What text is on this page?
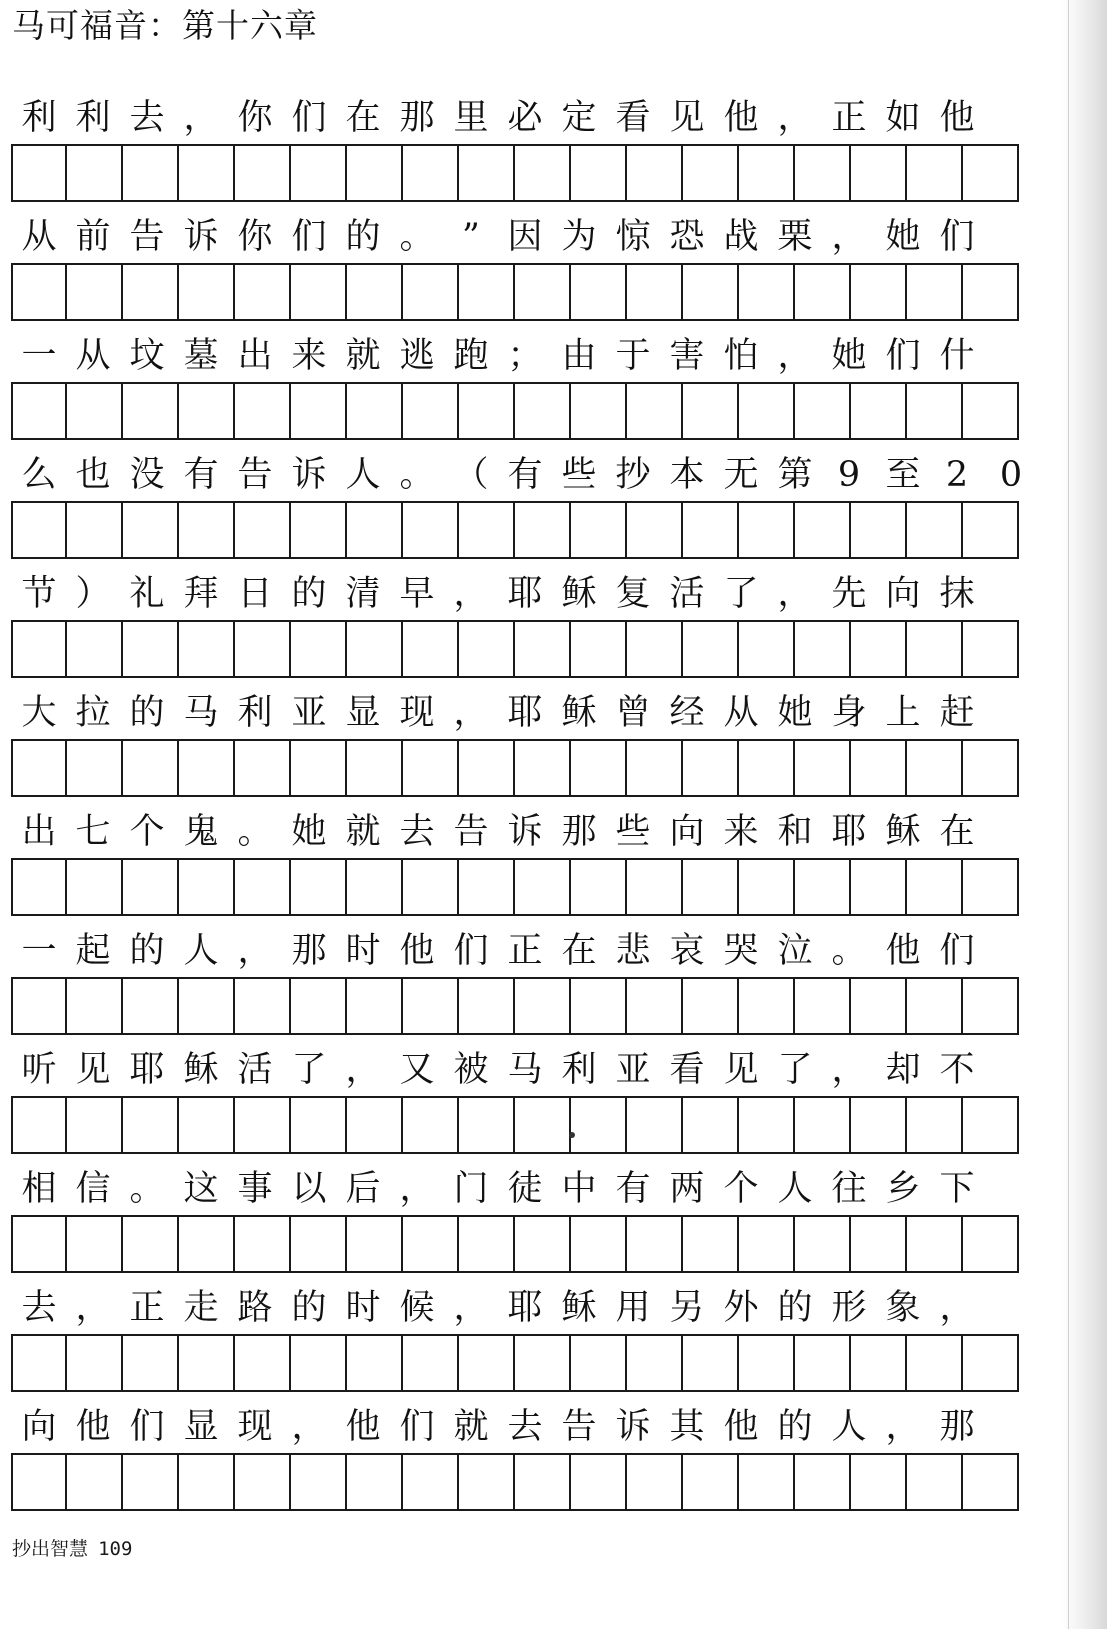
马可福音：第十六章
利 利 去 ， 你 们 在 那 里 必 定 看 见 他 ， 正 如 他
从 前 告 诉 你 们 的 。 ” 因 为 惊 恐 战 栗 ， 她 们
一 从 坟 墓 出 来 就 逃 跑 ； 由 于 害 怕 ， 她 们 什
么 也 没 有 告 诉 人 。 （ 有 些 抄 本 无 第 9 至 2 0
节 ） 礼 拜 日 的 清 早 ， 耶 稣 复 活 了 ， 先 向 抹
大 拉 的 马 利 亚 显 现 ， 耶 稣 曾 经 从 她 身 上 赶
出 七 个 鬼 。 她 就 去 告 诉 那 些 向 来 和 耶 稣 在
一 起 的 人 ， 那 时 他 们 正 在 悲 哀 哭 泣 。 他 们
听 见 耶 稣 活 了 ， 又 被 马 利 亚 看 见 了 ， 却 不
相 信 。 这 事 以 后 ， 门 徒 中 有 两 个 人 往 乡 下
去 ， 正 走 路 的 时 候 ， 耶 稣 用 另 外 的 形 象 ，
向 他 们 显 现 ， 他 们 就 去 告 诉 其 他 的 人 ， 那
抄出智慧 109
